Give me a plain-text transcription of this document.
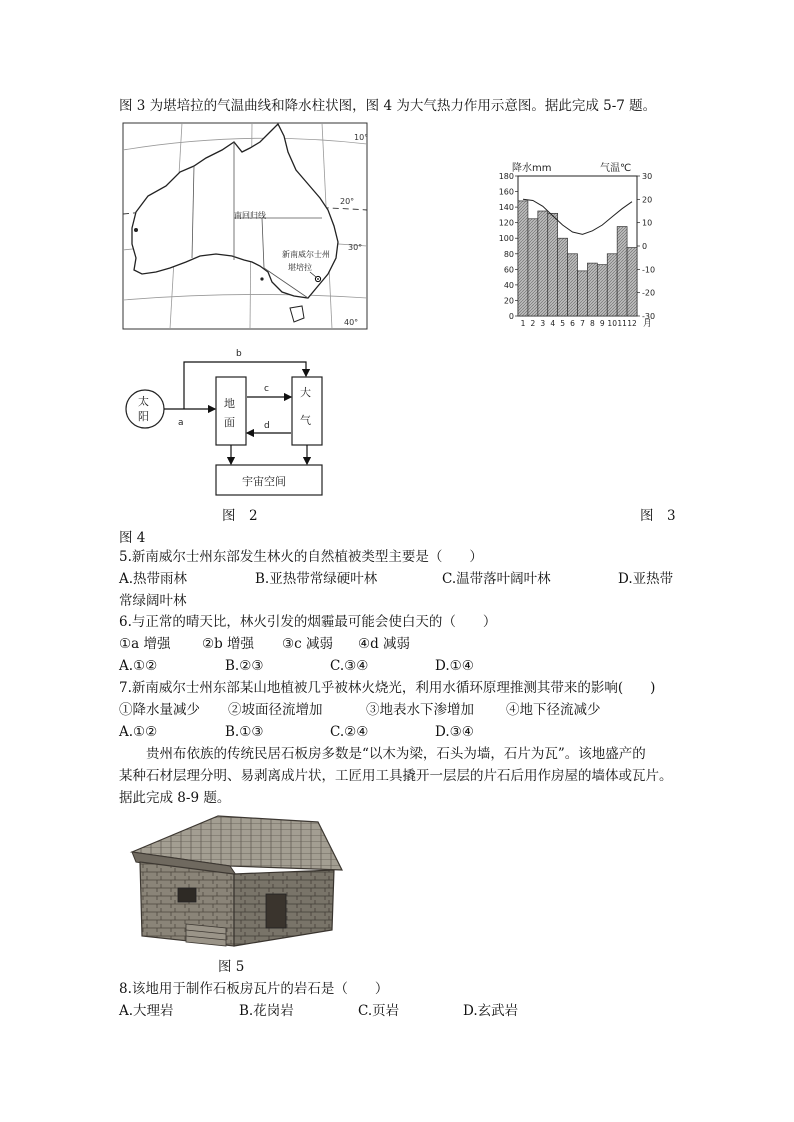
图 3 为堪培拉的气温曲线和降水柱状图，图 4 为大气热力作用示意图。据此完成 5-7 题。
10°
20°
30°
40°
南回归线
新南威尔士州
堪培拉
降水mm	气温℃
180
160
140
120
100
80
60
40
20
0
30
20
10
0
-10
-20
-30
1 2 3 4 5 6 7 8 9 10 11 12 月
太
阳
地
面
大
气
宇宙空间
a
b
c
d
图　2	图　3
图 4
5.新南威尔士州东部发生林火的自然植被类型主要是（　　）
A.热带雨林	B.亚热带常绿硬叶林	C.温带落叶阔叶林	D.亚热带
常绿阔叶林
6.与正常的晴天比，林火引发的烟霾最可能会使白天的（　　）
①a 增强 ②b 增强 ③c 减弱 ④d 减弱
A.①②	B.②③	C.③④	D.①④
7.新南威尔士州东部某山地植被几乎被林火烧光，利用水循环原理推测其带来的影响(　　)
①降水量减少 ②坡面径流增加	③地表水下渗增加 ④地下径流减少
A.①②	B.①③	C.②④	D.③④
贵州布依族的传统民居石板房多数是“以木为梁，石头为墙，石片为瓦”。该地盛产的
某种石材层理分明、易剥离成片状，工匠用工具撬开一层层的片石后用作房屋的墙体或瓦片。
据此完成 8-9 题。
图 5
8.该地用于制作石板房瓦片的岩石是（　　）
A.大理岩	B.花岗岩	C.页岩	D.玄武岩
